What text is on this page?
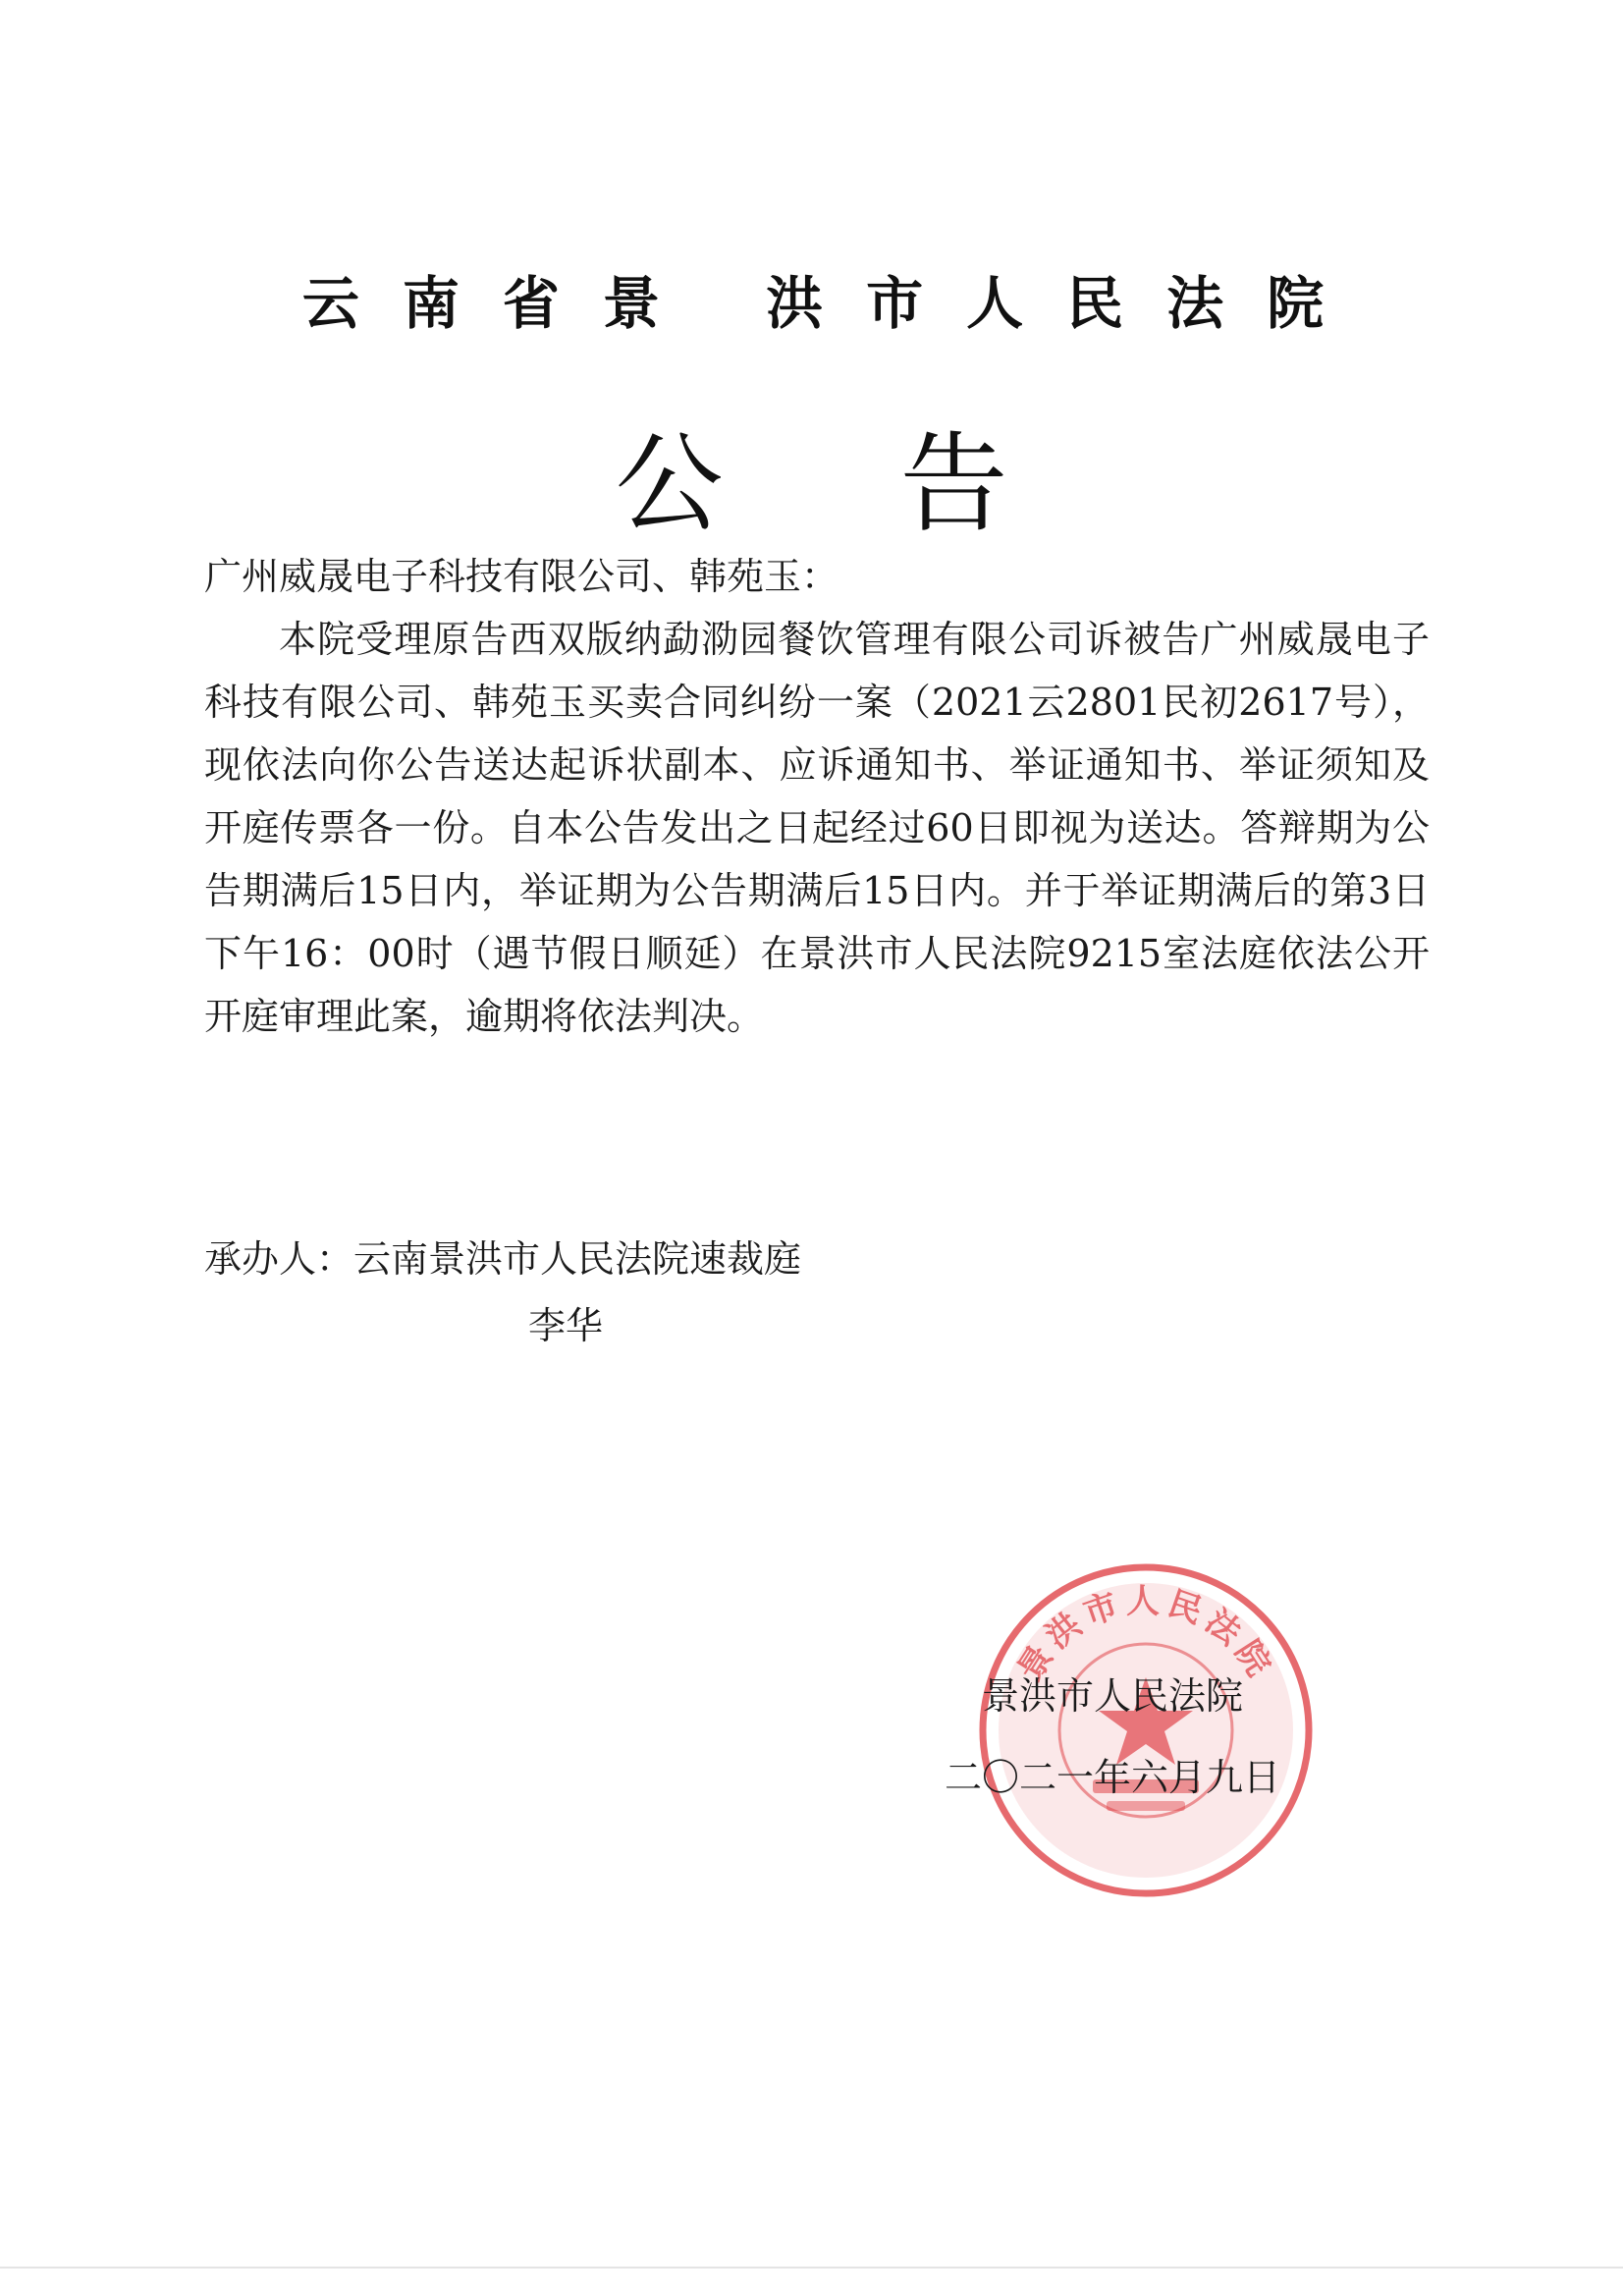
云南省景 洪市人民法院
公告

广州威晟电子科技有限公司、韩苑玉：

本院受理原告西双版纳勐泐园餐饮管理有限公司诉被告广州威晟电子科技有限公司、韩苑玉买卖合同纠纷一案（2021云2801民初2617号），现依法向你公告送达起诉状副本、应诉通知书、举证通知书、举证须知及开庭传票各一份。自本公告发出之日起经过60日即视为送达。答辩期为公告期满后15日内，举证期为公告期满后15日内。并于举证期满后的第3日下午16：00时（遇节假日顺延）在景洪市人民法院9215室法庭依法公开开庭审理此案，逾期将依法判决。

承办人：云南景洪市人民法院速裁庭
李华
景洪市人民法院
景洪市人民法院
二〇二一年六月九日
